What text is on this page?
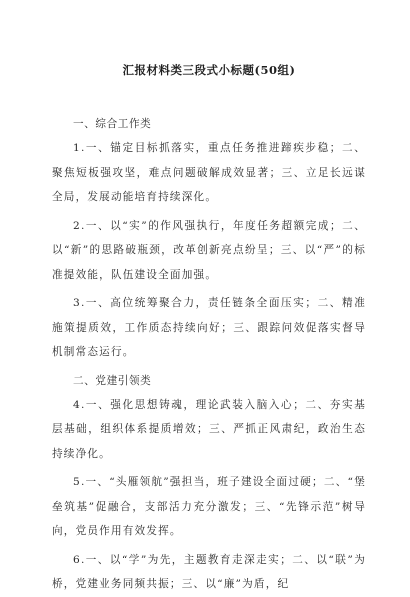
汇报材料类三段式小标题(50组)

一、综合工作类

1.一、锚定目标抓落实，重点任务推进蹄疾步稳；二、聚焦短板强攻坚，难点问题破解成效显著；三、立足长远谋全局，发展动能培育持续深化。

2.一、以“实”的作风强执行，年度任务超额完成；二、以“新”的思路破瓶颈，改革创新亮点纷呈；三、以“严”的标准提效能，队伍建设全面加强。

3.一、高位统筹聚合力，责任链条全面压实；二、精准施策提质效，工作质态持续向好；三、跟踪问效促落实督导机制常态运行。

二、党建引领类

4.一、强化思想铸魂，理论武装入脑入心；二、夯实基层基础，组织体系提质增效；三、严抓正风肃纪，政治生态持续净化。

5.一、“头雁领航”强担当，班子建设全面过硬；二、“堡垒筑基”促融合，支部活力充分激发；三、“先锋示范”树导向，党员作用有效发挥。

6.一、以“学”为先，主题教育走深走实；二、以“联”为桥，党建业务同频共振；三、以“廉”为盾，纪
